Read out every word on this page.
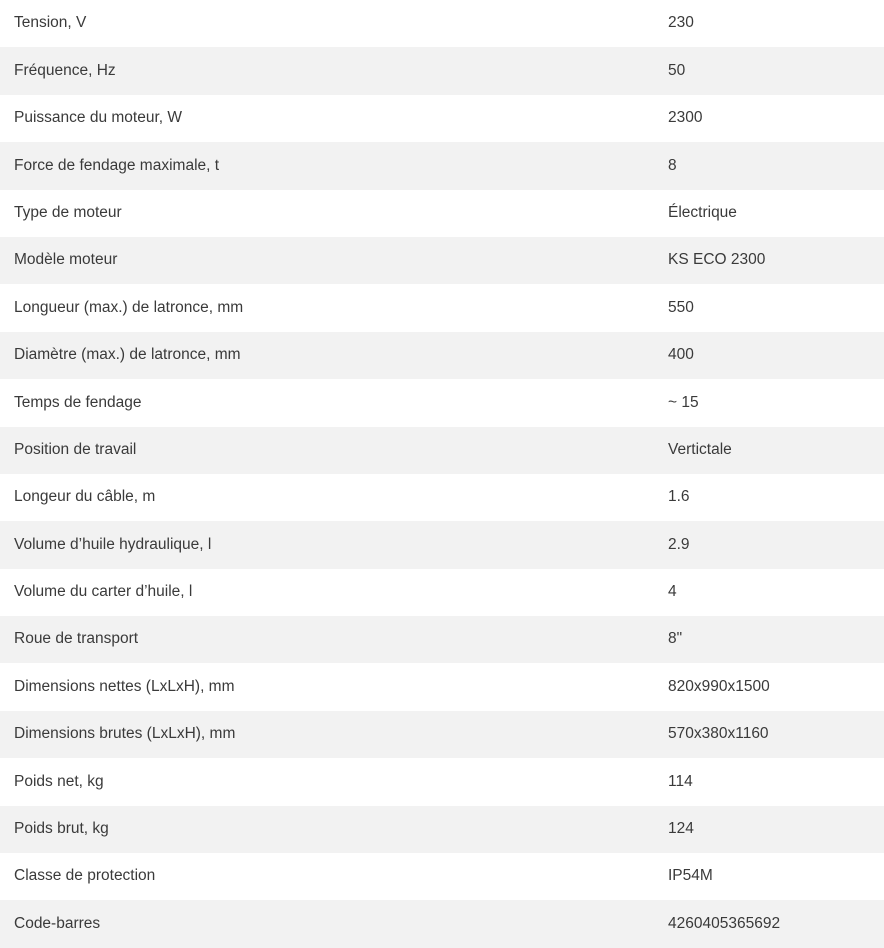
Tension, V	230
Fréquence, Hz	50
Puissance du moteur, W	2300
Force de fendage maximale, t	8
Type de moteur	Électrique
Modèle moteur	KS ECO 2300
Longueur (max.) de latronce, mm	550
Diamètre (max.) de latronce, mm	400
Temps de fendage	~ 15
Position de travail	Vertictale
Longeur du câble, m	1.6
Volume d’huile hydraulique, l	2.9
Volume du carter d’huile, l	4
Roue de transport	8"
Dimensions nettes (LxLxH), mm	820x990x1500
Dimensions brutes (LxLxH), mm	570x380x1160
Poids net, kg	114
Poids brut, kg	124
Classe de protection	IP54M
Code-barres	4260405365692
